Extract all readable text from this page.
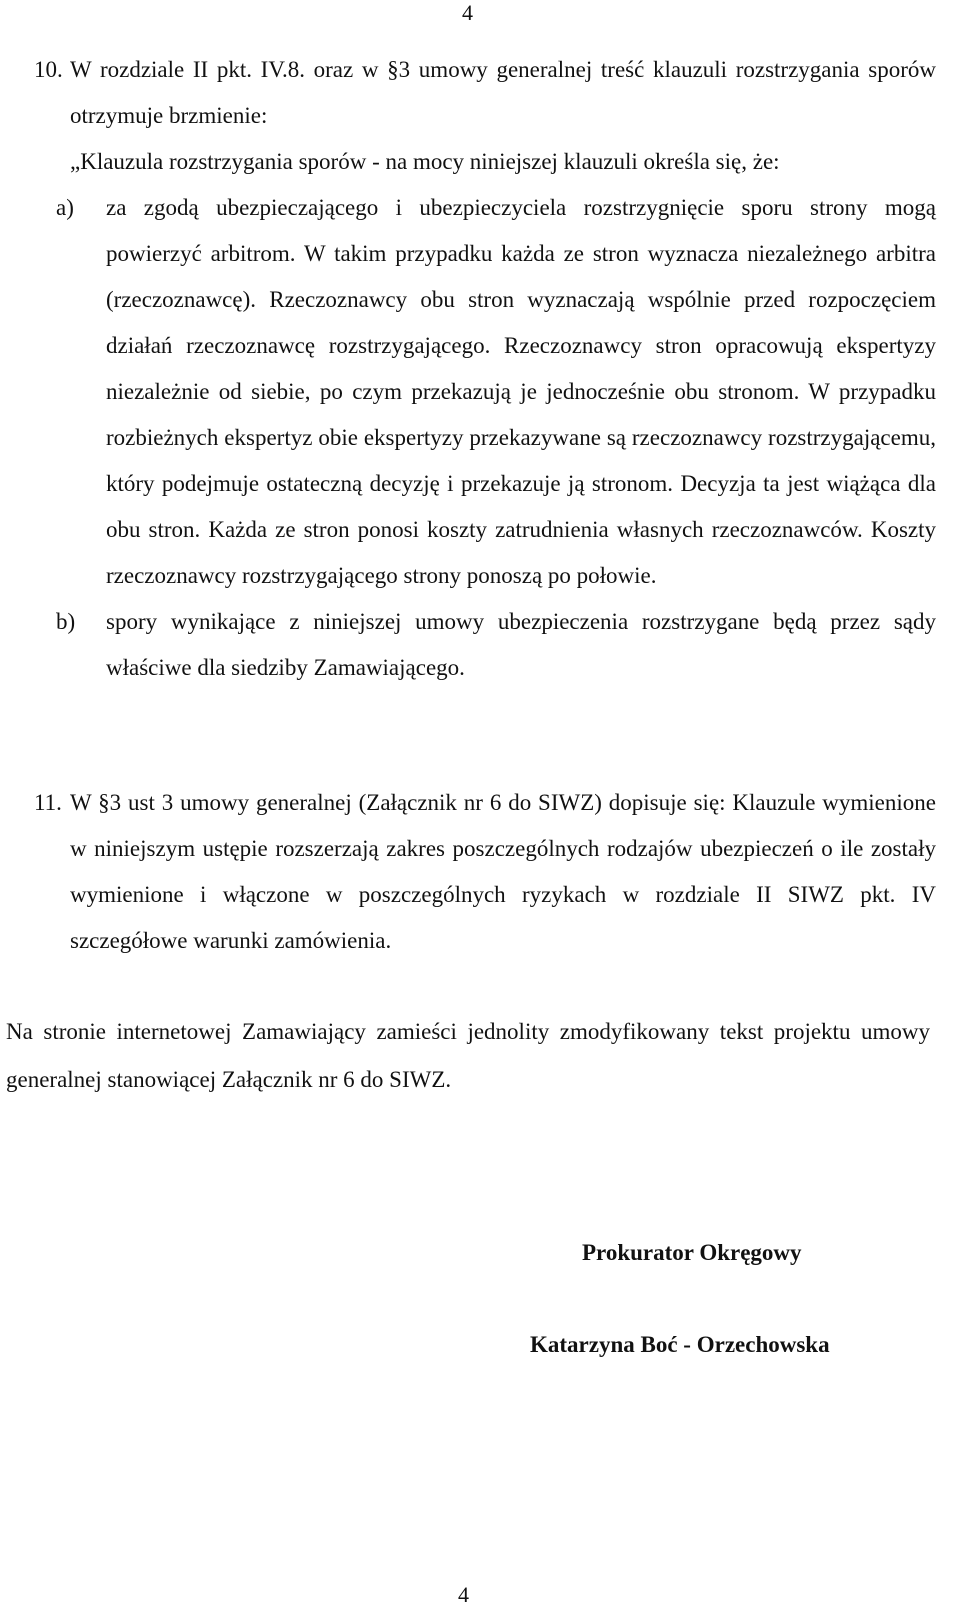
4
10. W rozdziale II pkt. IV.8. oraz w §3 umowy generalnej treść klauzuli rozstrzygania sporów otrzymuje brzmienie:

„Klauzula rozstrzygania sporów - na mocy niniejszej klauzuli określa się, że:

a)	za zgodą ubezpieczającego i ubezpieczyciela rozstrzygnięcie sporu strony mogą powierzyć arbitrom. W takim przypadku każda ze stron wyznacza niezależnego arbitra (rzeczoznawcę). Rzeczoznawcy obu stron wyznaczają wspólnie przed rozpoczęciem działań rzeczoznawcę rozstrzygającego. Rzeczoznawcy stron opracowują ekspertyzy niezależnie od siebie, po czym przekazują je jednocześnie obu stronom. W przypadku rozbieżnych ekspertyz obie ekspertyzy przekazywane są rzeczoznawcy rozstrzygającemu, który podejmuje ostateczną decyzję i przekazuje ją stronom. Decyzja ta jest wiążąca dla obu stron. Każda ze stron ponosi koszty zatrudnienia własnych rzeczoznawców. Koszty rzeczoznawcy rozstrzygającego strony ponoszą po połowie.
b)	spory wynikające z niniejszej umowy ubezpieczenia rozstrzygane będą przez sądy właściwe dla siedziby Zamawiającego.
11. W §3 ust 3 umowy generalnej (Załącznik nr 6 do SIWZ) dopisuje się: Klauzule wymienione w niniejszym ustępie rozszerzają zakres poszczególnych rodzajów ubezpieczeń o ile zostały wymienione i włączone w poszczególnych ryzykach w rozdziale II SIWZ pkt. IV szczegółowe warunki zamówienia.

Na stronie internetowej Zamawiający zamieści jednolity zmodyfikowany tekst projektu umowy generalnej stanowiącej Załącznik nr 6 do SIWZ.

Prokurator Okręgowy
Katarzyna Boć - Orzechowska
4
